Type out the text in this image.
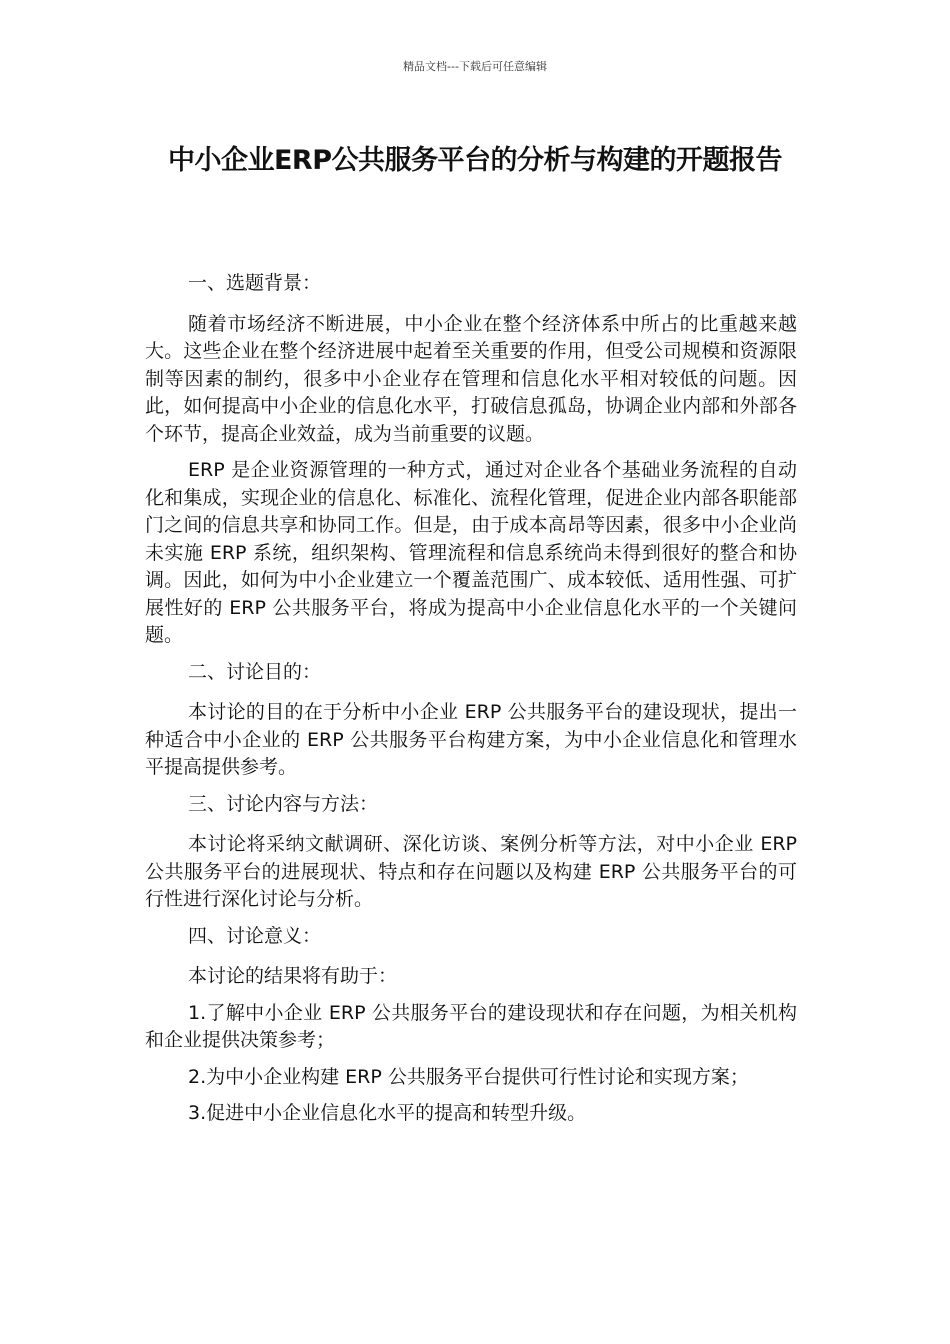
精品文档---下载后可任意编辑
中小企业ERP公共服务平台的分析与构建的开题报告

一、选题背景：

随着市场经济不断进展，中小企业在整个经济体系中所占的比重越来越大。这些企业在整个经济进展中起着至关重要的作用，但受公司规模和资源限制等因素的制约，很多中小企业存在管理和信息化水平相对较低的问题。因此，如何提高中小企业的信息化水平，打破信息孤岛，协调企业内部和外部各个环节，提高企业效益，成为当前重要的议题。

ERP 是企业资源管理的一种方式，通过对企业各个基础业务流程的自动化和集成，实现企业的信息化、标准化、流程化管理，促进企业内部各职能部门之间的信息共享和协同工作。但是，由于成本高昂等因素，很多中小企业尚未实施 ERP 系统，组织架构、管理流程和信息系统尚未得到很好的整合和协调。因此，如何为中小企业建立一个覆盖范围广、成本较低、适用性强、可扩展性好的 ERP 公共服务平台，将成为提高中小企业信息化水平的一个关键问题。

二、讨论目的：

本讨论的目的在于分析中小企业 ERP 公共服务平台的建设现状，提出一种适合中小企业的 ERP 公共服务平台构建方案，为中小企业信息化和管理水平提高提供参考。

三、讨论内容与方法：

本讨论将采纳文献调研、深化访谈、案例分析等方法，对中小企业 ERP 公共服务平台的进展现状、特点和存在问题以及构建 ERP 公共服务平台的可行性进行深化讨论与分析。

四、讨论意义：

本讨论的结果将有助于：

1.了解中小企业 ERP 公共服务平台的建设现状和存在问题，为相关机构和企业提供决策参考；

2.为中小企业构建 ERP 公共服务平台提供可行性讨论和实现方案；

3.促进中小企业信息化水平的提高和转型升级。
